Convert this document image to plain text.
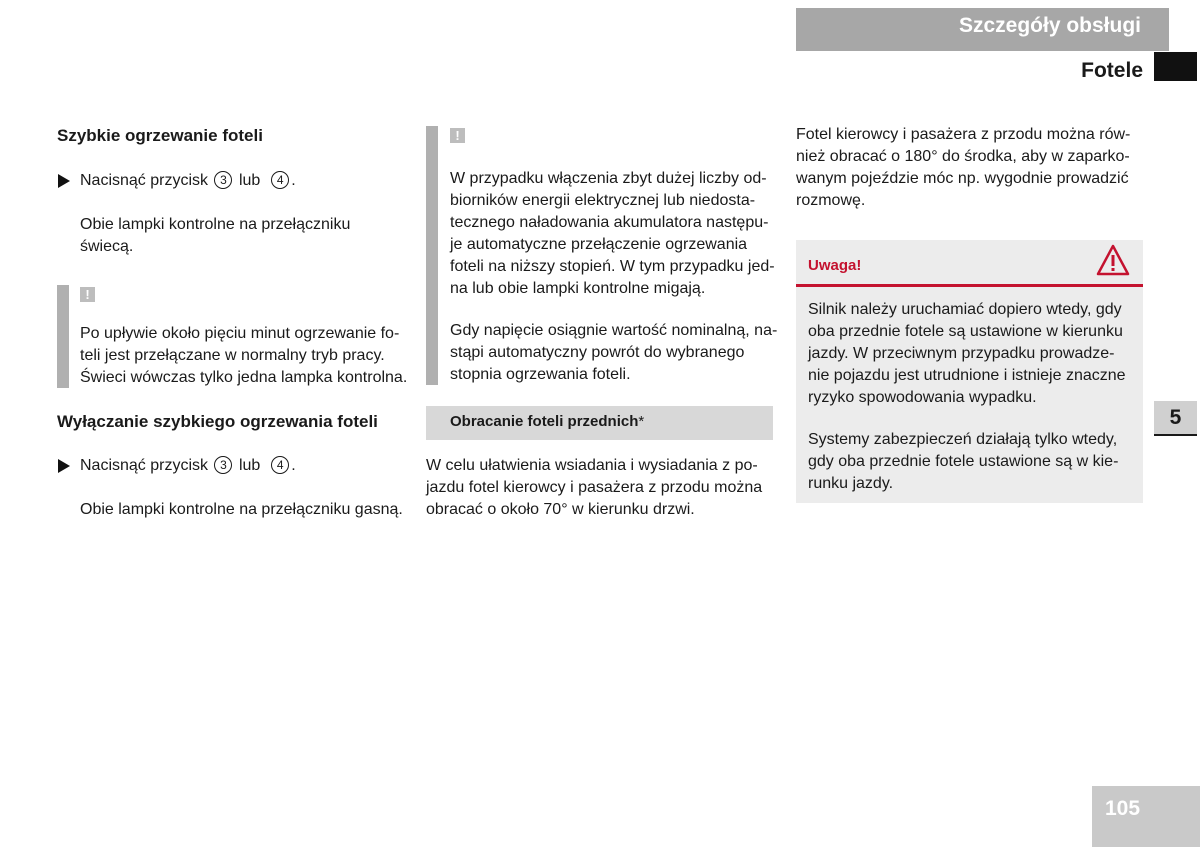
Szczegóły obsługi
Fotele
5
105
Szybkie ogrzewanie foteli
Nacisnąć przycisk 3 lub 4 .
Obie lampki kontrolne na przełączniku
świecą.
!
Po upływie około pięciu minut ogrzewanie fo-
teli jest przełączane w normalny tryb pracy.
Świeci wówczas tylko jedna lampka kontrolna.
Wyłączanie szybkiego ogrzewania foteli
Nacisnąć przycisk 3 lub 4 .
Obie lampki kontrolne na przełączniku gasną.
!
W przypadku włączenia zbyt dużej liczby od-
biorników energii elektrycznej lub niedosta-
tecznego naładowania akumulatora następu-
je automatyczne przełączenie ogrzewania
foteli na niższy stopień. W tym przypadku jed-
na lub obie lampki kontrolne migają.
Gdy napięcie osiągnie wartość nominalną, na-
stąpi automatyczny powrót do wybranego
stopnia ogrzewania foteli.
Obracanie foteli przednich*
W celu ułatwienia wsiadania i wysiadania z po-
jazdu fotel kierowcy i pasażera z przodu można
obracać o około 70° w kierunku drzwi.
Fotel kierowcy i pasażera z przodu można rów-
nież obracać o 180° do środka, aby w zaparko-
wanym pojeździe móc np. wygodnie prowadzić
rozmowę.
Uwaga!
Silnik należy uruchamiać dopiero wtedy, gdy
oba przednie fotele są ustawione w kierunku
jazdy. W przeciwnym przypadku prowadze-
nie pojazdu jest utrudnione i istnieje znaczne
ryzyko spowodowania wypadku.
Systemy zabezpieczeń działają tylko wtedy,
gdy oba przednie fotele ustawione są w kie-
runku jazdy.
